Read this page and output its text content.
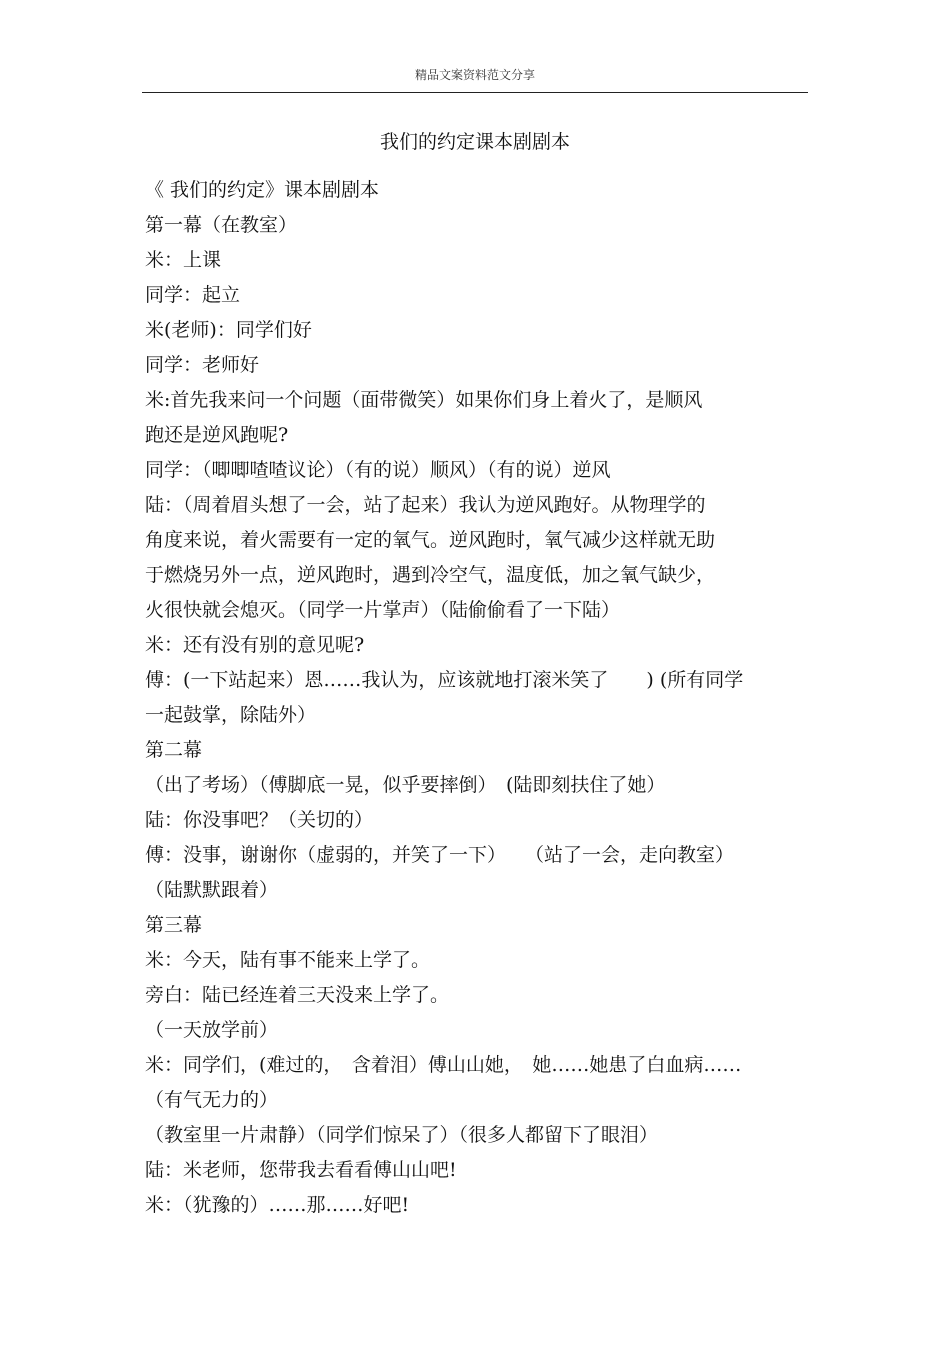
精品文案资料范文分享
我们的约定课本剧剧本
《 我们的约定》课本剧剧本
第一幕（在教室）
米：上课
同学：起立
米(老师)：同学们好
同学：老师好
米:首先我来问一个问题（面带微笑）如果你们身上着火了，是顺风
跑还是逆风跑呢?
同学：（唧唧喳喳议论）（有的说）顺风）（有的说）逆风
陆：（周着眉头想了一会，站了起来）我认为逆风跑好。从物理学的
角度来说，着火需要有一定的氧气。逆风跑时，氧气减少这样就无助
于燃烧另外一点，逆风跑时，遇到冷空气，温度低，加之氧气缺少，
火很快就会熄灭。（同学一片掌声）（陆偷偷看了一下陆）
米：还有没有别的意见呢?
傅：(一下站起来）恩……我认为，应该就地打滚米笑了　　) (所有同学
一起鼓掌，除陆外）
第二幕
（出了考场）（傅脚底一晃，似乎要摔倒）　(陆即刻扶住了她）
陆：你没事吧？（关切的）
傅：没事，谢谢你（虚弱的，并笑了一下）　　（站了一会，走向教室）
（陆默默跟着）
第三幕
米：今天，陆有事不能来上学了。
旁白：陆已经连着三天没来上学了。
（一天放学前）
米：同学们，(难过的，　含着泪）傅山山她，　她……她患了白血病……
（有气无力的）
（教室里一片肃静）（同学们惊呆了）（很多人都留下了眼泪）
陆：米老师，您带我去看看傅山山吧!
米：（犹豫的）……那……好吧!
